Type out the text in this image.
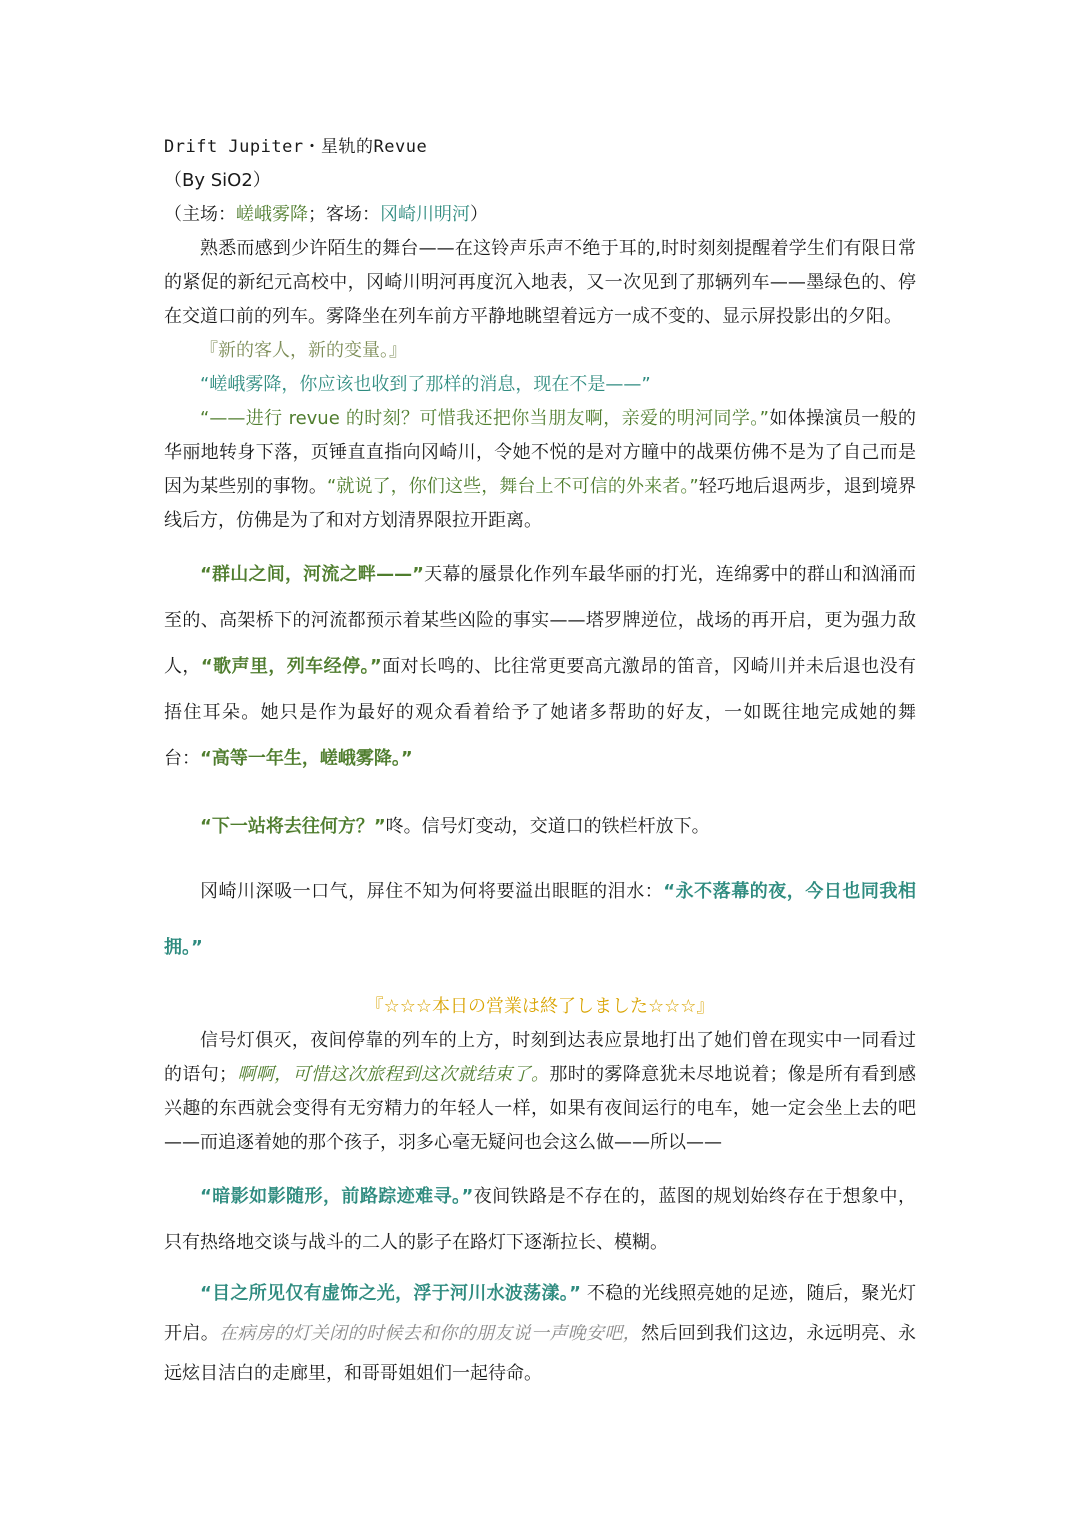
Drift Jupiter・星轨的Revue

（By SiO2）

（主场：嵯峨雾降；客场：冈崎川明河）

熟悉而感到少许陌生的舞台——在这铃声乐声不绝于耳的,时时刻刻提醒着学生们有限日常的紧促的新纪元高校中，冈崎川明河再度沉入地表，又一次见到了那辆列车——墨绿色的、停在交道口前的列车。雾降坐在列车前方平静地眺望着远方一成不变的、显示屏投影出的夕阳。

『新的客人，新的变量。』

“嵯峨雾降，你应该也收到了那样的消息，现在不是——”

“——进行 revue 的时刻？可惜我还把你当朋友啊，亲爱的明河同学。”如体操演员一般的华丽地转身下落，页锤直直指向冈崎川，令她不悦的是对方瞳中的战栗仿佛不是为了自己而是因为某些别的事物。“就说了，你们这些，舞台上不可信的外来者。”轻巧地后退两步，退到境界线后方，仿佛是为了和对方划清界限拉开距离。

“群山之间，河流之畔——”天幕的蜃景化作列车最华丽的打光，连绵雾中的群山和汹涌而至的、高架桥下的河流都预示着某些凶险的事实——塔罗牌逆位，战场的再开启，更为强力敌人，“歌声里，列车经停。”面对长鸣的、比往常更要高亢激昂的笛音，冈崎川并未后退也没有捂住耳朵。她只是作为最好的观众看着给予了她诸多帮助的好友，一如既往地完成她的舞台：“高等一年生，嵯峨雾降。”

“下一站将去往何方？”咚。信号灯变动，交道口的铁栏杆放下。

冈崎川深吸一口气，屏住不知为何将要溢出眼眶的泪水：“永不落幕的夜，今日也同我相拥。”

『☆☆☆本日の営業は終了しました☆☆☆』

信号灯俱灭，夜间停靠的列车的上方，时刻到达表应景地打出了她们曾在现实中一同看过的语句；啊啊，可惜这次旅程到这次就结束了。那时的雾降意犹未尽地说着；像是所有看到感兴趣的东西就会变得有无穷精力的年轻人一样，如果有夜间运行的电车，她一定会坐上去的吧——而追逐着她的那个孩子，羽多心毫无疑问也会这么做——所以——

“暗影如影随形，前路踪迹难寻。”夜间铁路是不存在的，蓝图的规划始终存在于想象中，只有热络地交谈与战斗的二人的影子在路灯下逐渐拉长、模糊。

“目之所见仅有虚饰之光，浮于河川水波荡漾。” 不稳的光线照亮她的足迹，随后，聚光灯开启。在病房的灯关闭的时候去和你的朋友说一声晚安吧，然后回到我们这边，永远明亮、永远炫目洁白的走廊里，和哥哥姐姐们一起待命。
